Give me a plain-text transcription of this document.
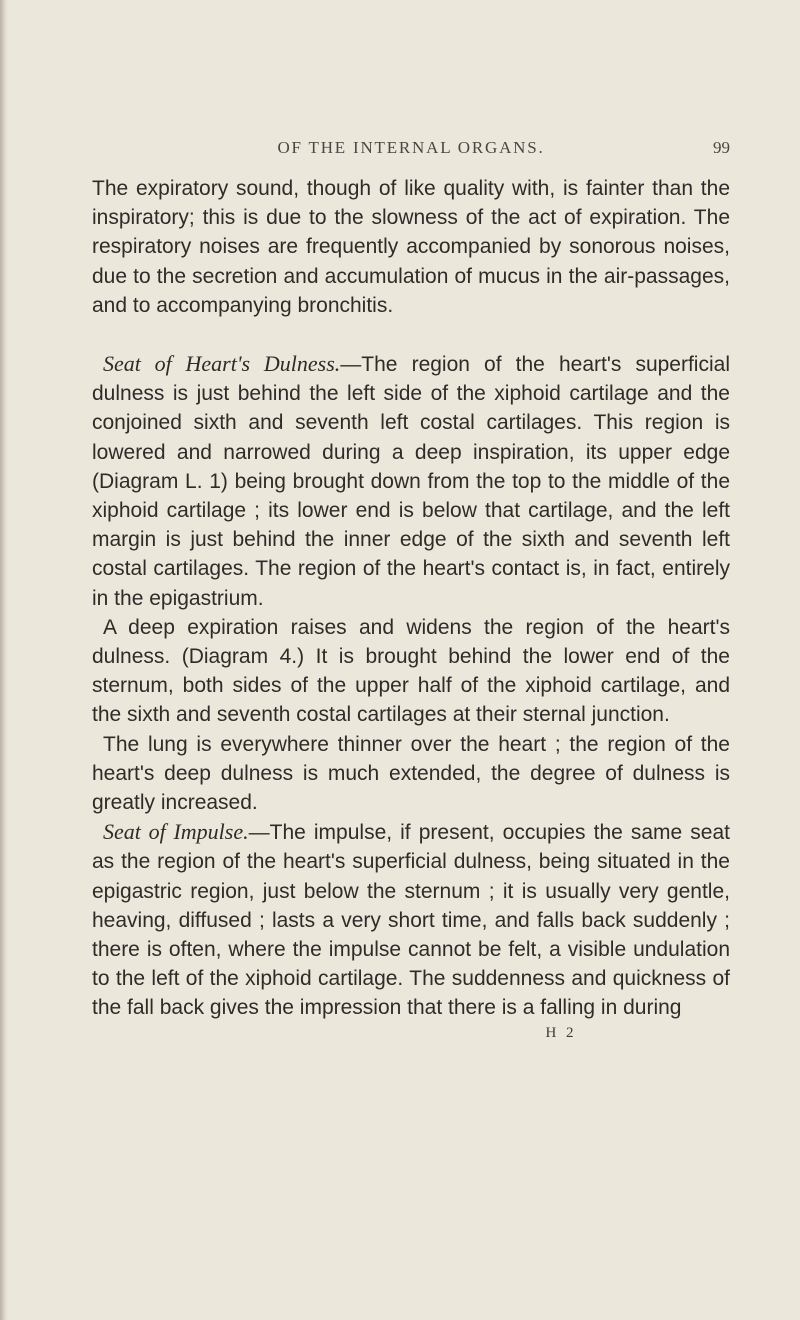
OF THE INTERNAL ORGANS.	99

The expiratory sound, though of like quality with, is fainter than the inspiratory; this is due to the slowness of the act of expiration. The respiratory noises are frequently accompanied by sonorous noises, due to the secretion and accumulation of mucus in the air-passages, and to accompanying bronchitis.

Seat of Heart's Dulness.—The region of the heart's superficial dulness is just behind the left side of the xiphoid cartilage and the conjoined sixth and seventh left costal cartilages. This region is lowered and narrowed during a deep inspiration, its upper edge (Diagram L. 1) being brought down from the top to the middle of the xiphoid cartilage ; its lower end is below that cartilage, and the left margin is just behind the inner edge of the sixth and seventh left costal cartilages. The region of the heart's contact is, in fact, entirely in the epigastrium.

A deep expiration raises and widens the region of the heart's dulness. (Diagram 4.) It is brought behind the lower end of the sternum, both sides of the upper half of the xiphoid cartilage, and the sixth and seventh costal cartilages at their sternal junction.

The lung is everywhere thinner over the heart ; the region of the heart's deep dulness is much extended, the degree of dulness is greatly increased.

Seat of Impulse.—The impulse, if present, occupies the same seat as the region of the heart's superficial dulness, being situated in the epigastric region, just below the sternum ; it is usually very gentle, heaving, diffused ; lasts a very short time, and falls back suddenly ; there is often, where the impulse cannot be felt, a visible undulation to the left of the xiphoid cartilage. The suddenness and quickness of the fall back gives the impression that there is a falling in during

H 2
